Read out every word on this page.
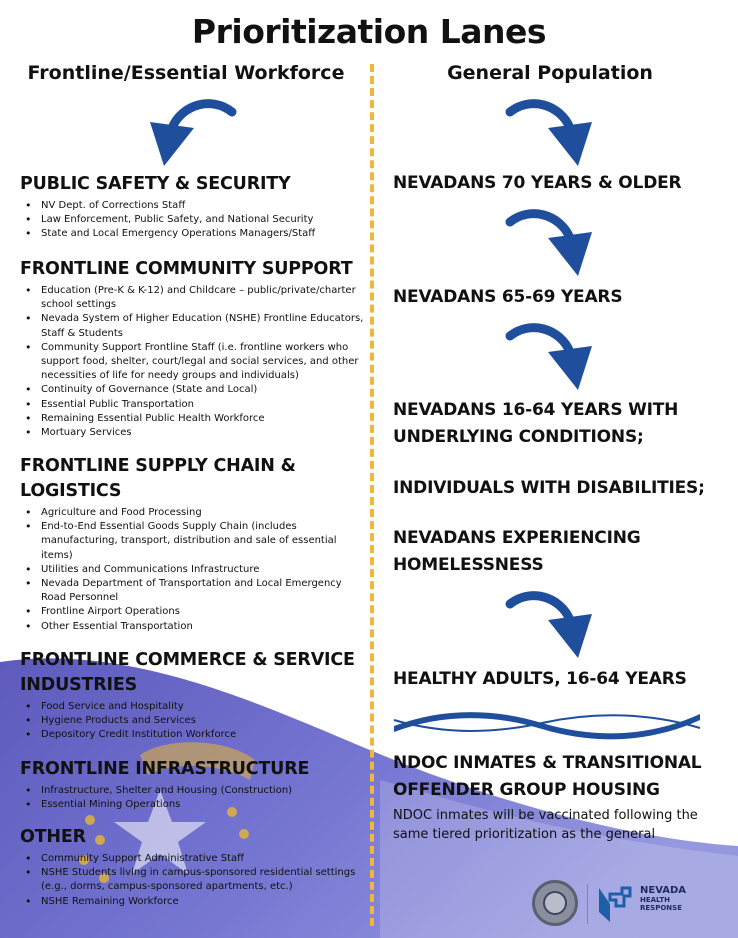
Prioritization Lanes
Frontline/Essential Workforce	General Population
PUBLIC SAFETY & SECURITY
• NV Dept. of Corrections Staff
• Law Enforcement, Public Safety, and National Security
• State and Local Emergency Operations Managers/Staff
FRONTLINE COMMUNITY SUPPORT
• Education (Pre-K & K-12) and Childcare – public/private/charter school settings
• Nevada System of Higher Education (NSHE) Frontline Educators, Staff & Students
• Community Support Frontline Staff (i.e. frontline workers who support food, shelter, court/legal and social services, and other necessities of life for needy groups and individuals)
• Continuity of Governance (State and Local)
• Essential Public Transportation
• Remaining Essential Public Health Workforce
• Mortuary Services
FRONTLINE SUPPLY CHAIN & LOGISTICS
• Agriculture and Food Processing
• End-to-End Essential Goods Supply Chain (includes manufacturing, transport, distribution and sale of essential items)
• Utilities and Communications Infrastructure
• Nevada Department of Transportation and Local Emergency Road Personnel
• Frontline Airport Operations
• Other Essential Transportation
FRONTLINE COMMERCE & SERVICE INDUSTRIES
• Food Service and Hospitality
• Hygiene Products and Services
• Depository Credit Institution Workforce
FRONTLINE INFRASTRUCTURE
• Infrastructure, Shelter and Housing (Construction)
• Essential Mining Operations
OTHER
• Community Support Administrative Staff
• NSHE Students living in campus-sponsored residential settings (e.g., dorms, campus-sponsored apartments, etc.)
• NSHE Remaining Workforce
NEVADANS 70 YEARS & OLDER
NEVADANS 65-69 YEARS
NEVADANS 16-64 YEARS WITH UNDERLYING CONDITIONS;
INDIVIDUALS WITH DISABILITIES;
NEVADANS EXPERIENCING HOMELESSNESS
HEALTHY ADULTS, 16-64 YEARS
NDOC INMATES & TRANSITIONAL OFFENDER GROUP HOUSING
NDOC inmates will be vaccinated following the same tiered prioritization as the general
NEVADA
HEALTH
RESPONSE
